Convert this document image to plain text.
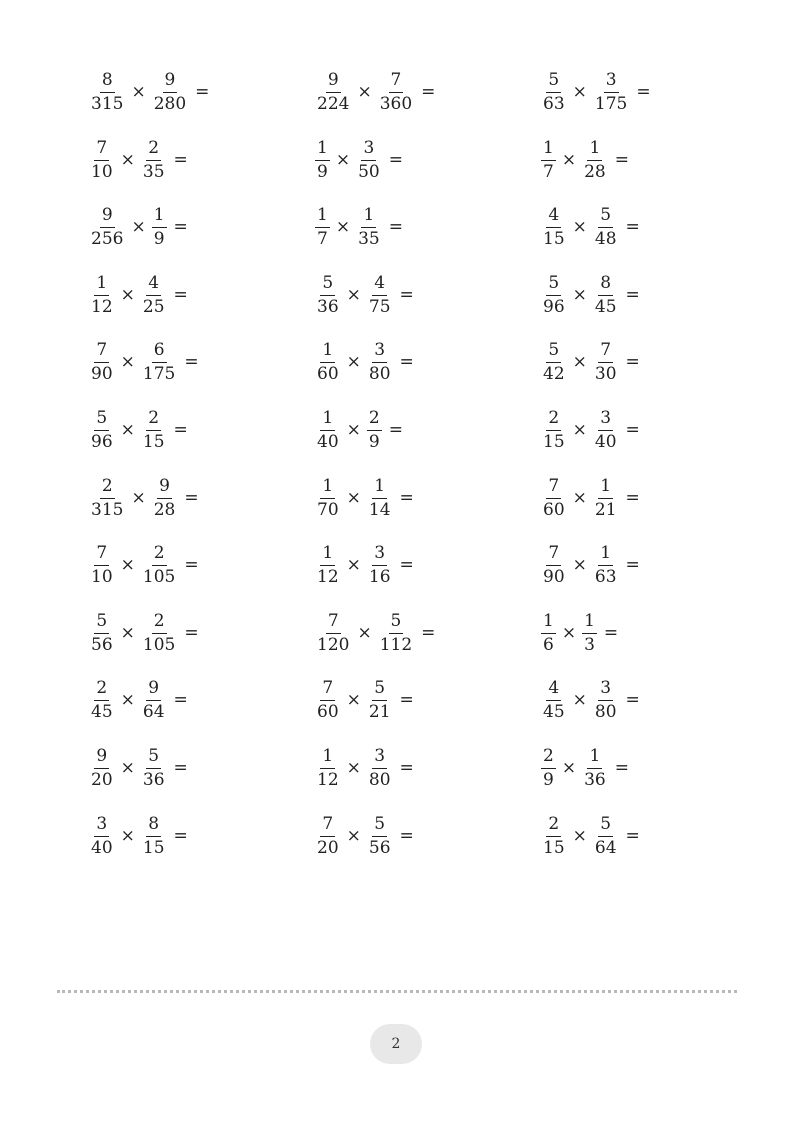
$\frac{8}{315} \times \frac{9}{280}$ =	$\frac{9}{224} \times \frac{7}{360}$ =	$\frac{5}{63} \times \frac{3}{175}$ =
$\frac{7}{10} \times \frac{2}{35}$ =	$\frac{1}{9} \times \frac{3}{50}$ =	$\frac{1}{7} \times \frac{1}{28}$ =
$\frac{9}{256} \times \frac{1}{9}$ =	$\frac{1}{7} \times \frac{1}{35}$ =	$\frac{4}{15} \times \frac{5}{48}$ =
$\frac{1}{12} \times \frac{4}{25}$ =	$\frac{5}{36} \times \frac{4}{75}$ =	$\frac{5}{96} \times \frac{8}{45}$ =
$\frac{7}{90} \times \frac{6}{175}$ =	$\frac{1}{60} \times \frac{3}{80}$ =	$\frac{5}{42} \times \frac{7}{30}$ =
$\frac{5}{96} \times \frac{2}{15}$ =	$\frac{1}{40} \times \frac{2}{9}$ =	$\frac{2}{15} \times \frac{3}{40}$ =
$\frac{2}{315} \times \frac{9}{28}$ =	$\frac{1}{70} \times \frac{1}{14}$ =	$\frac{7}{60} \times \frac{1}{21}$ =
$\frac{7}{10} \times \frac{2}{105}$ =	$\frac{1}{12} \times \frac{3}{16}$ =	$\frac{7}{90} \times \frac{1}{63}$ =
$\frac{5}{56} \times \frac{2}{105}$ =	$\frac{7}{120} \times \frac{5}{112}$ =	$\frac{1}{6} \times \frac{1}{3}$ =
$\frac{2}{45} \times \frac{9}{64}$ =	$\frac{7}{60} \times \frac{5}{21}$ =	$\frac{4}{45} \times \frac{3}{80}$ =
$\frac{9}{20} \times \frac{5}{36}$ =	$\frac{1}{12} \times \frac{3}{80}$ =	$\frac{2}{9} \times \frac{1}{36}$ =
$\frac{3}{40} \times \frac{8}{15}$ =	$\frac{7}{20} \times \frac{5}{56}$ =	$\frac{2}{15} \times \frac{5}{64}$ =
2
